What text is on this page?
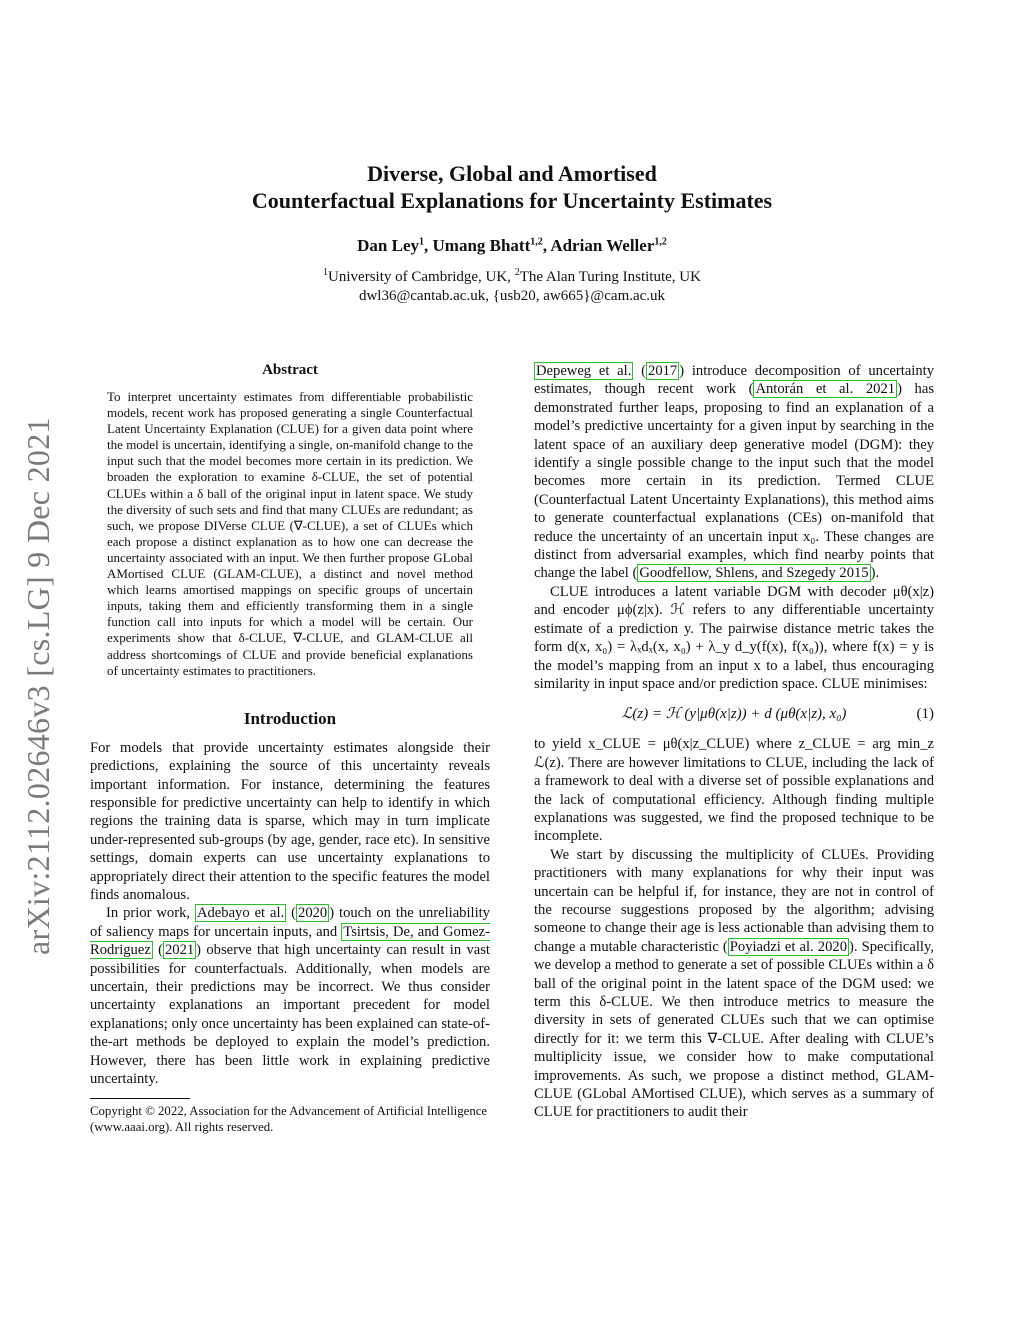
arXiv:2112.02646v3 [cs.LG] 9 Dec 2021
Diverse, Global and Amortised
Counterfactual Explanations for Uncertainty Estimates
Dan Ley$^1$, Umang Bhatt$^{1,2}$, Adrian Weller$^{1,2}$
$^1$University of Cambridge, UK, $^2$The Alan Turing Institute, UK
dwl36@cantab.ac.uk, {usb20, aw665}@cam.ac.uk
Abstract

To interpret uncertainty estimates from differentiable probabilistic models, recent work has proposed generating a single Counterfactual Latent Uncertainty Explanation (CLUE) for a given data point where the model is uncertain, identifying a single, on-manifold change to the input such that the model becomes more certain in its prediction. We broaden the exploration to examine δ-CLUE, the set of potential CLUEs within a δ ball of the original input in latent space. We study the diversity of such sets and find that many CLUEs are redundant; as such, we propose DIVerse CLUE (∇-CLUE), a set of CLUEs which each propose a distinct explanation as to how one can decrease the uncertainty associated with an input. We then further propose GLobal AMortised CLUE (GLAM-CLUE), a distinct and novel method which learns amortised mappings on specific groups of uncertain inputs, taking them and efficiently transforming them in a single function call into inputs for which a model will be certain. Our experiments show that δ-CLUE, ∇-CLUE, and GLAM-CLUE all address shortcomings of CLUE and provide beneficial explanations of uncertainty estimates to practitioners.

Introduction

For models that provide uncertainty estimates alongside their predictions, explaining the source of this uncertainty reveals important information. For instance, determining the features responsible for predictive uncertainty can help to identify in which regions the training data is sparse, which may in turn implicate under-represented sub-groups (by age, gender, race etc). In sensitive settings, domain experts can use uncertainty explanations to appropriately direct their attention to the specific features the model finds anomalous.

In prior work, Adebayo et al. ( 2020 ) touch on the unreliability of saliency maps for uncertain inputs, and Tsirtsis, De, and Gomez-Rodriguez ( 2021 ) observe that high uncertainty can result in vast possibilities for counterfactuals. Additionally, when models are uncertain, their predictions may be incorrect. We thus consider uncertainty explanations an important precedent for model explanations; only once uncertainty has been explained can state-of-the-art methods be deployed to explain the model’s prediction. However, there has been little work in explaining predictive uncertainty.

Copyright © 2022, Association for the Advancement of Artificial Intelligence (www.aaai.org). All rights reserved.

Depeweg et al. ( 2017 ) introduce decomposition of uncertainty estimates, though recent work ( Antorán et al. 2021 ) has demonstrated further leaps, proposing to find an explanation of a model’s predictive uncertainty for a given input by searching in the latent space of an auxiliary deep generative model (DGM): they identify a single possible change to the input such that the model becomes more certain in its prediction. Termed CLUE (Counterfactual Latent Uncertainty Explanations), this method aims to generate counterfactual explanations (CEs) on-manifold that reduce the uncertainty of an uncertain input x₀. These changes are distinct from adversarial examples, which find nearby points that change the label ( Goodfellow, Shlens, and Szegedy 2015 ).

CLUE introduces a latent variable DGM with decoder μθ(x|z) and encoder μϕ(z|x). ℋ refers to any differentiable uncertainty estimate of a prediction y. The pairwise distance metric takes the form d(x, x₀) = λₓdₓ(x, x₀) + λ_y d_y(f(x), f(x₀)), where f(x) = y is the model’s mapping from an input x to a label, thus encouraging similarity in input space and/or prediction space. CLUE minimises:

ℒ(z) = ℋ (y|μθ(x|z)) + d (μθ(x|z), x₀)	(1)

to yield x_CLUE = μθ(x|z_CLUE) where z_CLUE = arg min_z ℒ(z). There are however limitations to CLUE, including the lack of a framework to deal with a diverse set of possible explanations and the lack of computational efficiency. Although finding multiple explanations was suggested, we find the proposed technique to be incomplete.

We start by discussing the multiplicity of CLUEs. Providing practitioners with many explanations for why their input was uncertain can be helpful if, for instance, they are not in control of the recourse suggestions proposed by the algorithm; advising someone to change their age is less actionable than advising them to change a mutable characteristic ( Poyiadzi et al. 2020 ). Specifically, we develop a method to generate a set of possible CLUEs within a δ ball of the original point in the latent space of the DGM used: we term this δ-CLUE. We then introduce metrics to measure the diversity in sets of generated CLUEs such that we can optimise directly for it: we term this ∇-CLUE. After dealing with CLUE’s multiplicity issue, we consider how to make computational improvements. As such, we propose a distinct method, GLAM-CLUE (GLobal AMortised CLUE), which serves as a summary of CLUE for practitioners to audit their
